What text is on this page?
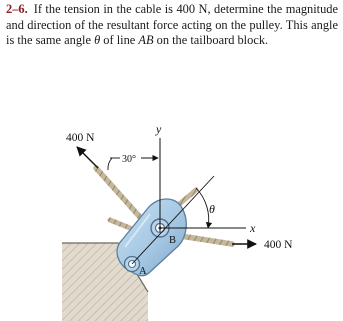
2–6. If the tension in the cable is 400 N, determine the magnitude and direction of the resultant force acting on the pulley. This angle is the same angle θ of line AB on the tailboard block.

400 N
30°
y
x
θ
B
A
400 N
